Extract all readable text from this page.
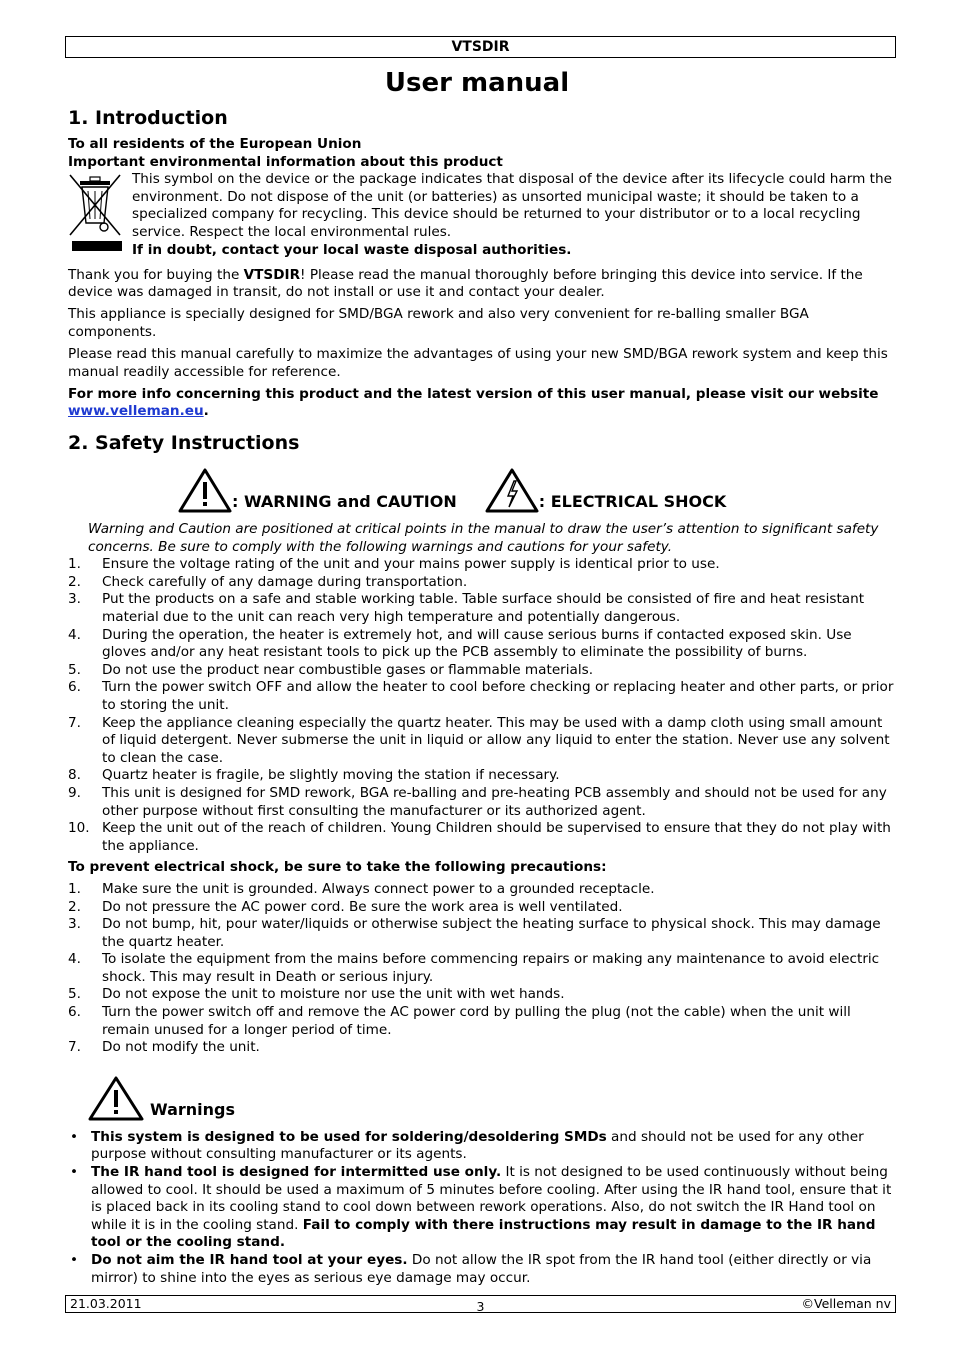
VTSDIR
User manual
1. Introduction
To all residents of the European Union
Important environmental information about this product
This symbol on the device or the package indicates that disposal of the device after its lifecycle could harm the environment. Do not dispose of the unit (or batteries) as unsorted municipal waste; it should be taken to a specialized company for recycling. This device should be returned to your distributor or to a local recycling service. Respect the local environmental rules.
If in doubt, contact your local waste disposal authorities.

Thank you for buying the VTSDIR! Please read the manual thoroughly before bringing this device into service. If the device was damaged in transit, do not install or use it and contact your dealer.

This appliance is specially designed for SMD/BGA rework and also very convenient for re-balling smaller BGA components.

Please read this manual carefully to maximize the advantages of using your new SMD/BGA rework system and keep this manual readily accessible for reference.

For more info concerning this product and the latest version of this user manual, please visit our website www.velleman.eu.

2. Safety Instructions
: WARNING and CAUTION	: ELECTRICAL SHOCK
Warning and Caution are positioned at critical points in the manual to draw the user’s attention to significant safety concerns. Be sure to comply with the following warnings and cautions for your safety.
1. Ensure the voltage rating of the unit and your mains power supply is identical prior to use.
2. Check carefully of any damage during transportation.
3. Put the products on a safe and stable working table. Table surface should be consisted of fire and heat resistant material due to the unit can reach very high temperature and potentially dangerous.
4. During the operation, the heater is extremely hot, and will cause serious burns if contacted exposed skin. Use gloves and/or any heat resistant tools to pick up the PCB assembly to eliminate the possibility of burns.
5. Do not use the product near combustible gases or flammable materials.
6. Turn the power switch OFF and allow the heater to cool before checking or replacing heater and other parts, or prior to storing the unit.
7. Keep the appliance cleaning especially the quartz heater. This may be used with a damp cloth using small amount of liquid detergent. Never submerse the unit in liquid or allow any liquid to enter the station. Never use any solvent to clean the case.
8. Quartz heater is fragile, be slightly moving the station if necessary.
9. This unit is designed for SMD rework, BGA re-balling and pre-heating PCB assembly and should not be used for any other purpose without first consulting the manufacturer or its authorized agent.
10. Keep the unit out of the reach of children. Young Children should be supervised to ensure that they do not play with the appliance.
To prevent electrical shock, be sure to take the following precautions:
1. Make sure the unit is grounded. Always connect power to a grounded receptacle.
2. Do not pressure the AC power cord. Be sure the work area is well ventilated.
3. Do not bump, hit, pour water/liquids or otherwise subject the heating surface to physical shock. This may damage the quartz heater.
4. To isolate the equipment from the mains before commencing repairs or making any maintenance to avoid electric shock. This may result in Death or serious injury.
5. Do not expose the unit to moisture nor use the unit with wet hands.
6. Turn the power switch off and remove the AC power cord by pulling the plug (not the cable) when the unit will remain unused for a longer period of time.
7. Do not modify the unit.
Warnings
• This system is designed to be used for soldering/desoldering SMDs and should not be used for any other purpose without consulting manufacturer or its agents.
• The IR hand tool is designed for intermitted use only. It is not designed to be used continuously without being allowed to cool. It should be used a maximum of 5 minutes before cooling. After using the IR hand tool, ensure that it is placed back in its cooling stand to cool down between rework operations. Also, do not switch the IR Hand tool on while it is in the cooling stand. Fail to comply with there instructions may result in damage to the IR hand tool or the cooling stand.
• Do not aim the IR hand tool at your eyes. Do not allow the IR spot from the IR hand tool (either directly or via mirror) to shine into the eyes as serious eye damage may occur.
21.03.2011	3	©Velleman nv
